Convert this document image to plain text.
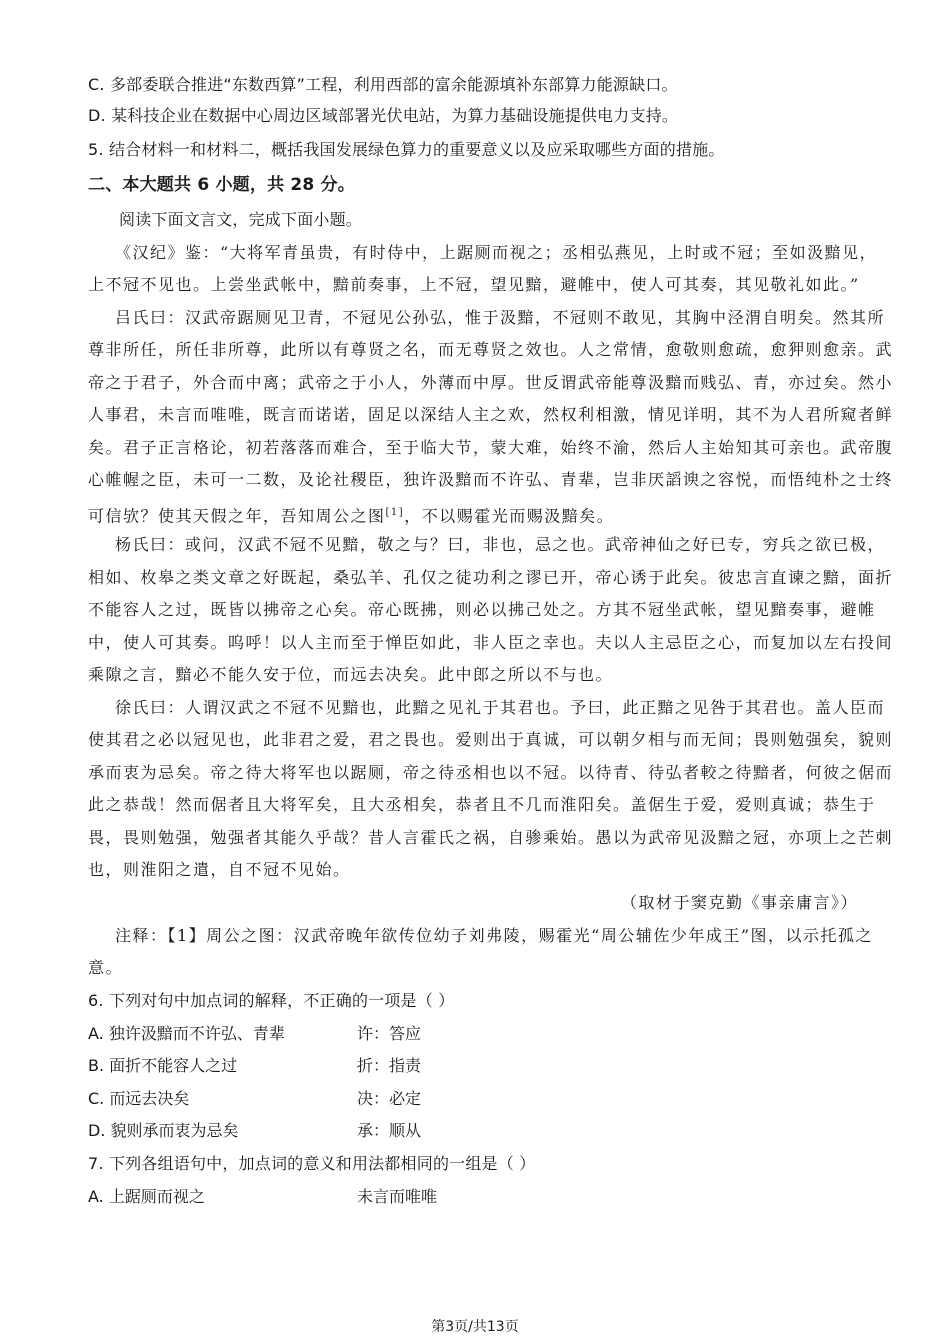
C. 多部委联合推进“东数西算”工程，利用西部的富余能源填补东部算力能源缺口。
D. 某科技企业在数据中心周边区域部署光伏电站，为算力基础设施提供电力支持。
5. 结合材料一和材料二，概括我国发展绿色算力的重要意义以及应采取哪些方面的措施。
二、本大题共 6 小题，共 28 分。
阅读下面文言文，完成下面小题。
《汉纪》鉴：“大将军青虽贵，有时侍中，上踞厕而视之；丞相弘燕见，上时或不冠；至如汲黯见，
上不冠不见也。上尝坐武帐中，黯前奏事，上不冠，望见黯，避帷中，使人可其奏，其见敬礼如此。”
吕氏曰：汉武帝踞厕见卫青，不冠见公孙弘，惟于汲黯，不冠则不敢见，其胸中泾渭自明矣。然其所
尊非所任，所任非所尊，此所以有尊贤之名，而无尊贤之效也。人之常情，愈敬则愈疏，愈狎则愈亲。武
帝之于君子，外合而中离；武帝之于小人，外薄而中厚。世反谓武帝能尊汲黯而贱弘、青，亦过矣。然小
人事君，未言而唯唯，既言而诺诺，固足以深结人主之欢，然权利相激，情见详明，其不为人君所窥者鲜
矣。君子正言格论，初若落落而难合，至于临大节，蒙大难，始终不渝，然后人主始知其可亲也。武帝腹
心帷幄之臣，未可一二数，及论社稷臣，独许汲黯而不许弘、青辈，岂非厌謟谀之容悦，而悟纯朴之士终
可信欤？使其天假之年，吾知周公之图[1]，不以赐霍光而赐汲黯矣。
杨氏曰：或问，汉武不冠不见黯，敬之与？曰，非也，忌之也。武帝神仙之好已专，穷兵之欲已极，
相如、枚皋之类文章之好既起，桑弘羊、孔仅之徒功利之谬已开，帝心诱于此矣。彼忠言直谏之黯，面折
不能容人之过，既皆以拂帝之心矣。帝心既拂，则必以拂己处之。方其不冠坐武帐，望见黯奏事，避帷
中，使人可其奏。呜呼！以人主而至于惮臣如此，非人臣之幸也。夫以人主忌臣之心，而复加以左右投间
乘隙之言，黯必不能久安于位，而远去决矣。此中郎之所以不与也。
徐氏曰：人谓汉武之不冠不见黯也，此黯之见礼于其君也。予曰，此正黯之见咎于其君也。盖人臣而
使其君之必以冠见也，此非君之爱，君之畏也。爱则出于真诚，可以朝夕相与而无间；畏则勉强矣，貌则
承而衷为忌矣。帝之待大将军也以踞厕，帝之待丞相也以不冠。以待青、待弘者較之待黯者，何彼之倨而
此之恭哉！然而倨者且大将军矣，且大丞相矣，恭者且不几而淮阳矣。盖倨生于爱，爱则真诚；恭生于
畏，畏则勉强，勉强者其能久乎哉？昔人言霍氏之祸，自骖乘始。愚以为武帝见汲黯之冠，亦项上之芒刺
也，则淮阳之遣，自不冠不见始。
（取材于窦克勤《事亲庸言》）
注释：【1】周公之图：汉武帝晚年欲传位幼子刘弗陵，赐霍光“周公辅佐少年成王”图，以示托孤之
意。
6. 下列对句中加点词的解释，不正确的一项是（ ）
A. 独许汲黯而不许弘、青辈	许：答应
B. 面折不能容人之过	折：指责
C. 而远去决矣	决：必定
D. 貌则承而衷为忌矣	承：顺从
7. 下列各组语句中，加点词的意义和用法都相同的一组是（ ）
A. 上踞厕而视之	未言而唯唯
第3页/共13页
